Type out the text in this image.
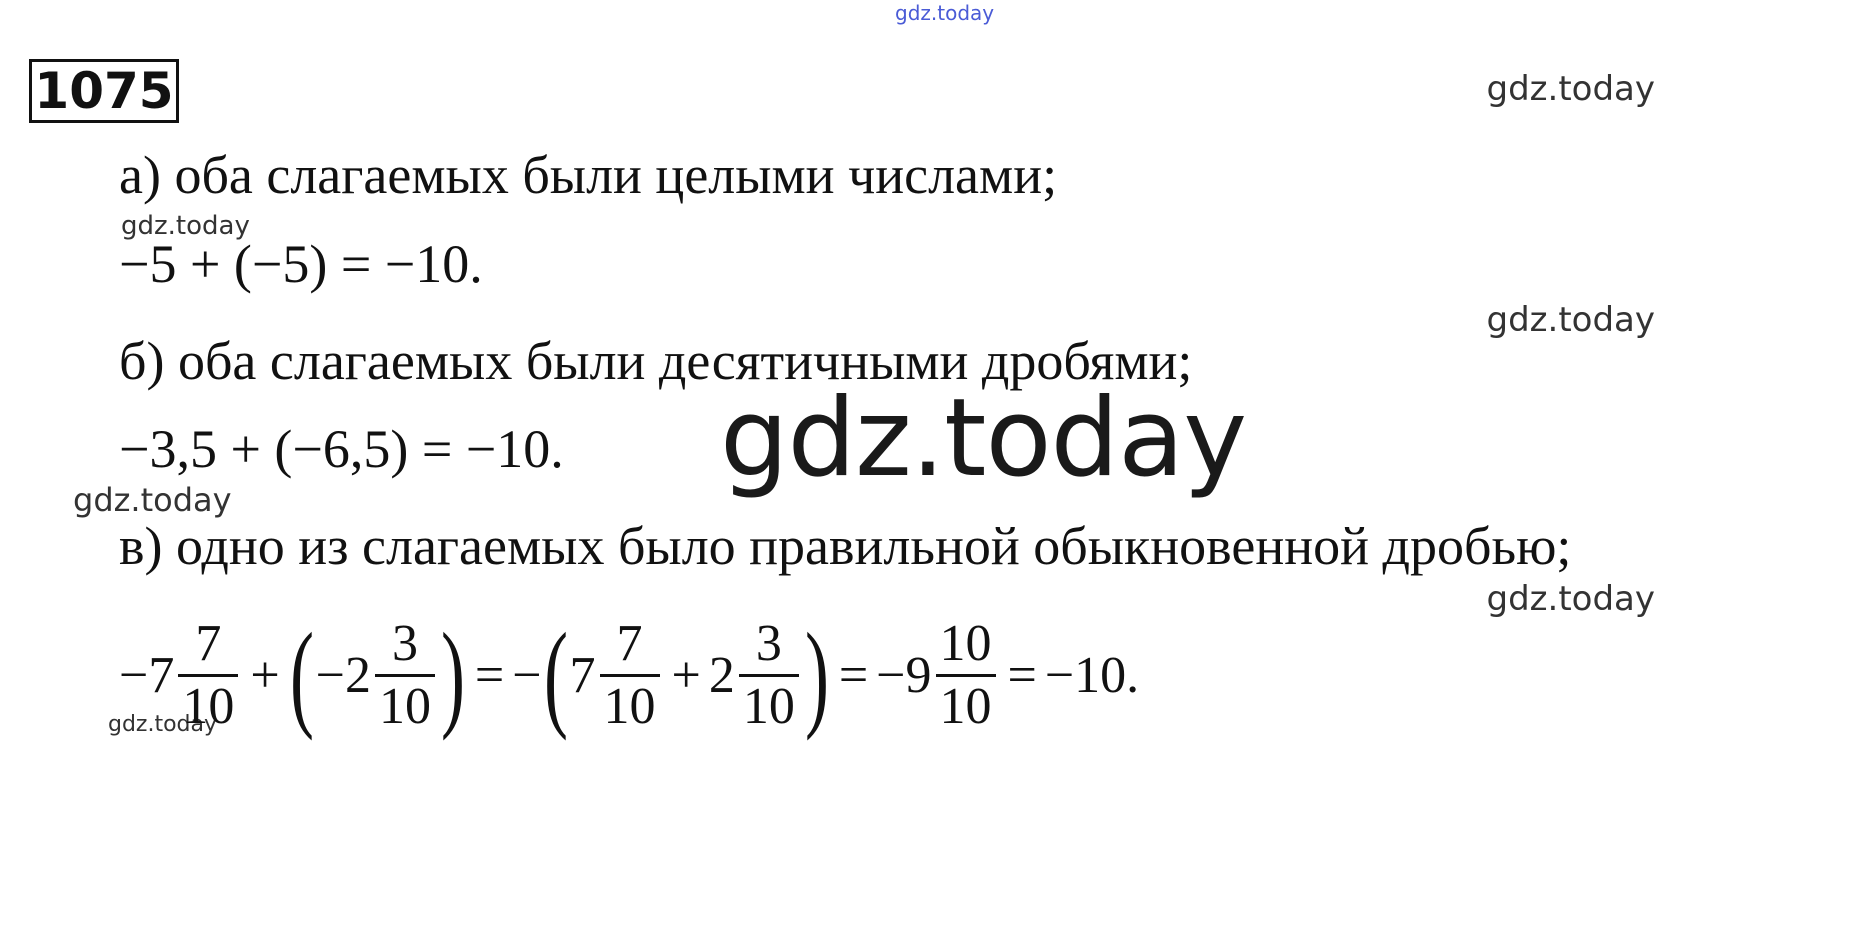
gdz.today
gdz.today
gdz.today
gdz.today
gdz.today
gdz.today
gdz.today
gdz.today
1075
а) оба слагаемых были целыми числами;
−5 + (−5) = −10.
б) оба слагаемых были десятичными дробями;
−3,5 + (−6,5) = −10.
в) одно из слагаемых было правильной обыкновенной дробью;
$-7 \frac{7}{10}$ + ( $-2 \frac{3}{10}$ ) = − ( $7 \frac{7}{10} + 2 \frac{3}{10}$ ) = $-9 \frac{10}{10} = -10$.
